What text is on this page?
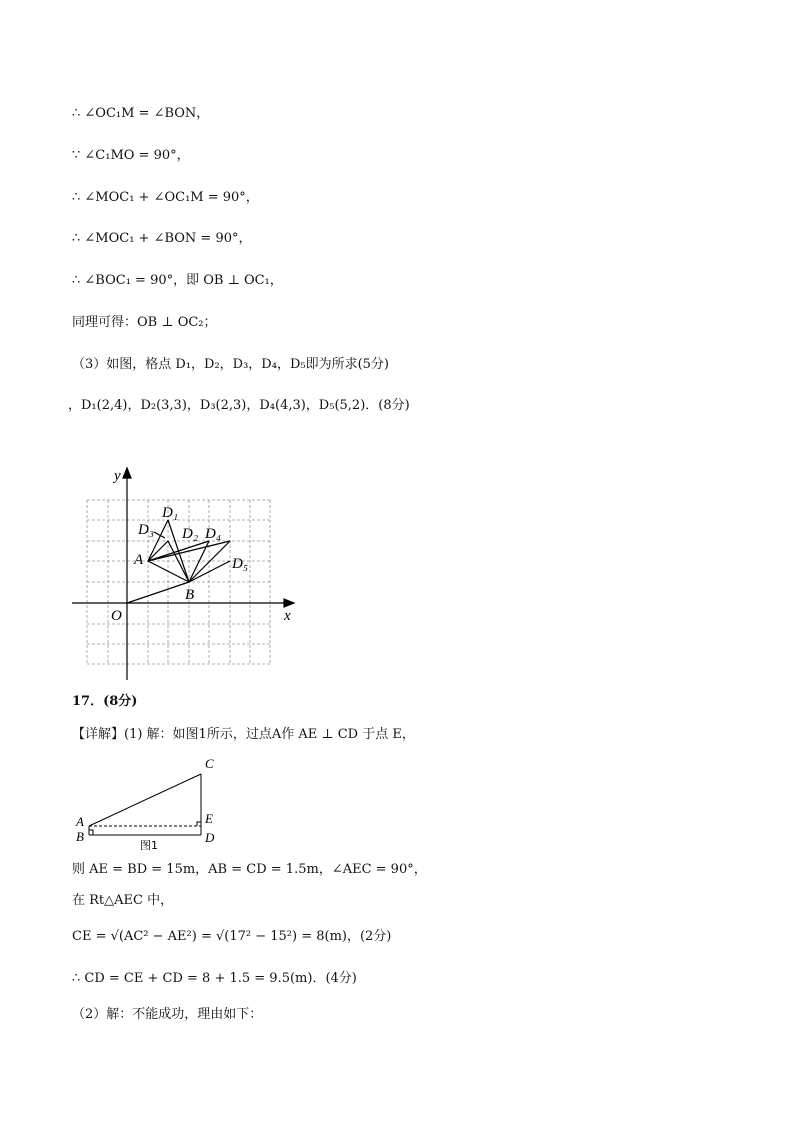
∴ ∠OC₁M = ∠BON，
∵ ∠C₁MO = 90°，
∴ ∠MOC₁ + ∠OC₁M = 90°，
∴ ∠MOC₁ + ∠BON = 90°，
∴ ∠BOC₁ = 90°，即 OB ⊥ OC₁，
同理可得：OB ⊥ OC₂；
（3）如图，格点 D₁，D₂，D₃，D₄，D₅即为所求(5分)
，D₁(2,4)，D₂(3,3)，D₃(2,3)，D₄(4,3)，D₅(5,2)．(8分)
y
x
O
D₁
D₃ D₂ D₄
A	D₅
B
17．(8分)
【详解】(1) 解：如图1所示，过点A作 AE ⊥ CD 于点 E，
C
A
B
E
D
图1
则 AE = BD = 15m，AB = CD = 1.5m，∠AEC = 90°，
在 Rt△AEC 中，
CE = √(AC² − AE²) = √(17² − 15²) = 8(m)，(2分)
∴ CD = CE + CD = 8 + 1.5 = 9.5(m)．(4分)
（2）解：不能成功，理由如下：
